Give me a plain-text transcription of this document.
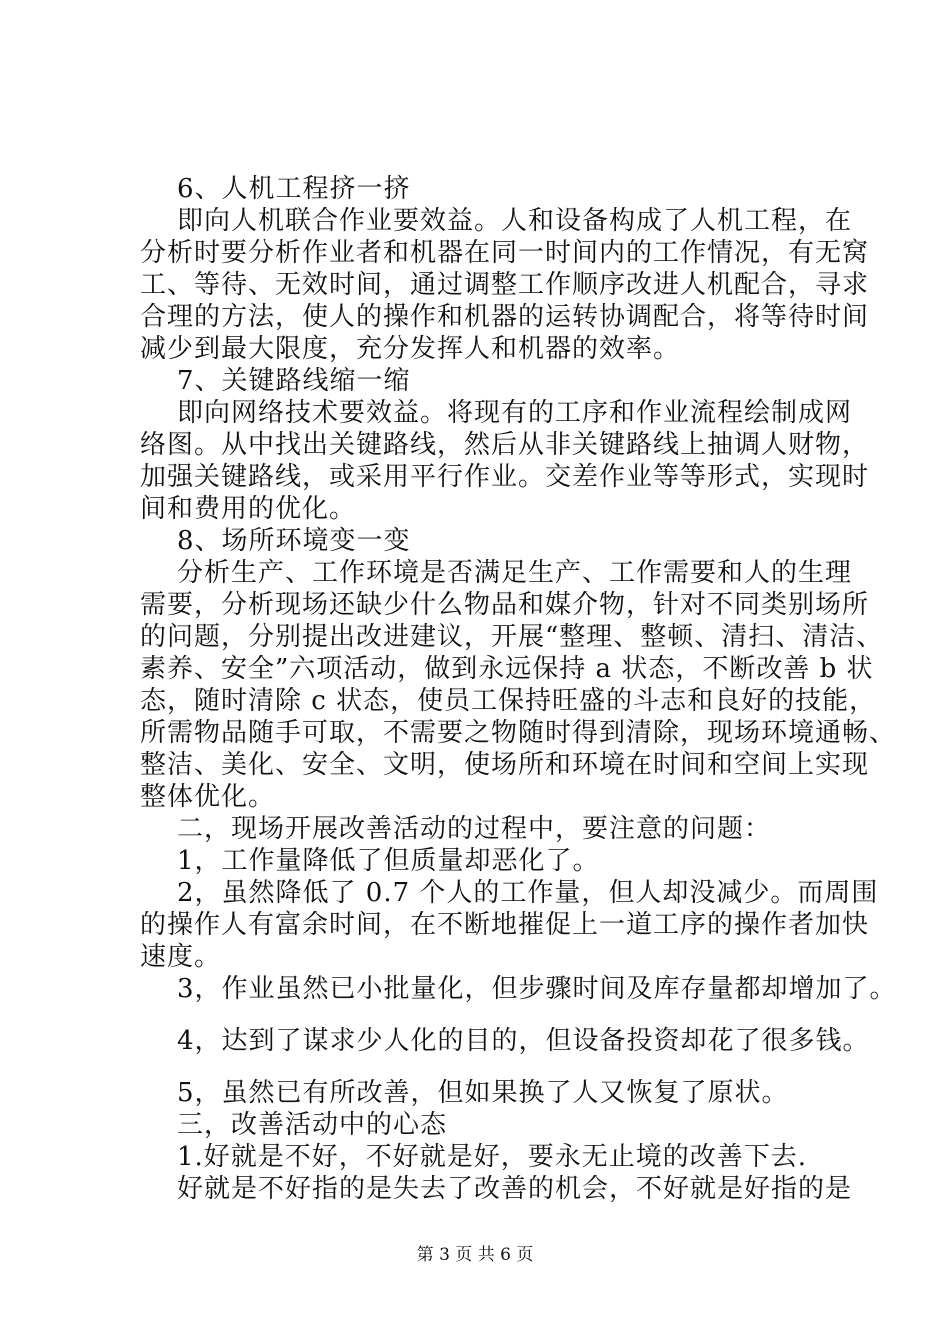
6、人机工程挤一挤
即向人机联合作业要效益。人和设备构成了人机工程，在
分析时要分析作业者和机器在同一时间内的工作情况，有无窝
工、等待、无效时间，通过调整工作顺序改进人机配合，寻求
合理的方法，使人的操作和机器的运转协调配合，将等待时间
减少到最大限度，充分发挥人和机器的效率。
7、关键路线缩一缩
即向网络技术要效益。将现有的工序和作业流程绘制成网
络图。从中找出关键路线，然后从非关键路线上抽调人财物，
加强关键路线，或采用平行作业。交差作业等等形式，实现时
间和费用的优化。
8、场所环境变一变
分析生产、工作环境是否满足生产、工作需要和人的生理
需要，分析现场还缺少什么物品和媒介物，针对不同类别场所
的问题，分别提出改进建议，开展“整理、整顿、清扫、清洁、
素养、安全”六项活动，做到永远保持 a 状态，不断改善 b 状
态，随时清除 c 状态，使员工保持旺盛的斗志和良好的技能，
所需物品随手可取，不需要之物随时得到清除，现场环境通畅、
整洁、美化、安全、文明，使场所和环境在时间和空间上实现
整体优化。
二，现场开展改善活动的过程中，要注意的问题：
1，工作量降低了但质量却恶化了。
2，虽然降低了 0.7 个人的工作量，但人却没减少。而周围
的操作人有富余时间，在不断地摧促上一道工序的操作者加快
速度。
3，作业虽然已小批量化，但步骤时间及库存量都却增加了。
4，达到了谋求少人化的目的，但设备投资却花了很多钱。
5，虽然已有所改善，但如果换了人又恢复了原状。
三，改善活动中的心态
1.好就是不好，不好就是好，要永无止境的改善下去.
好就是不好指的是失去了改善的机会，不好就是好指的是
第 3 页 共 6 页
